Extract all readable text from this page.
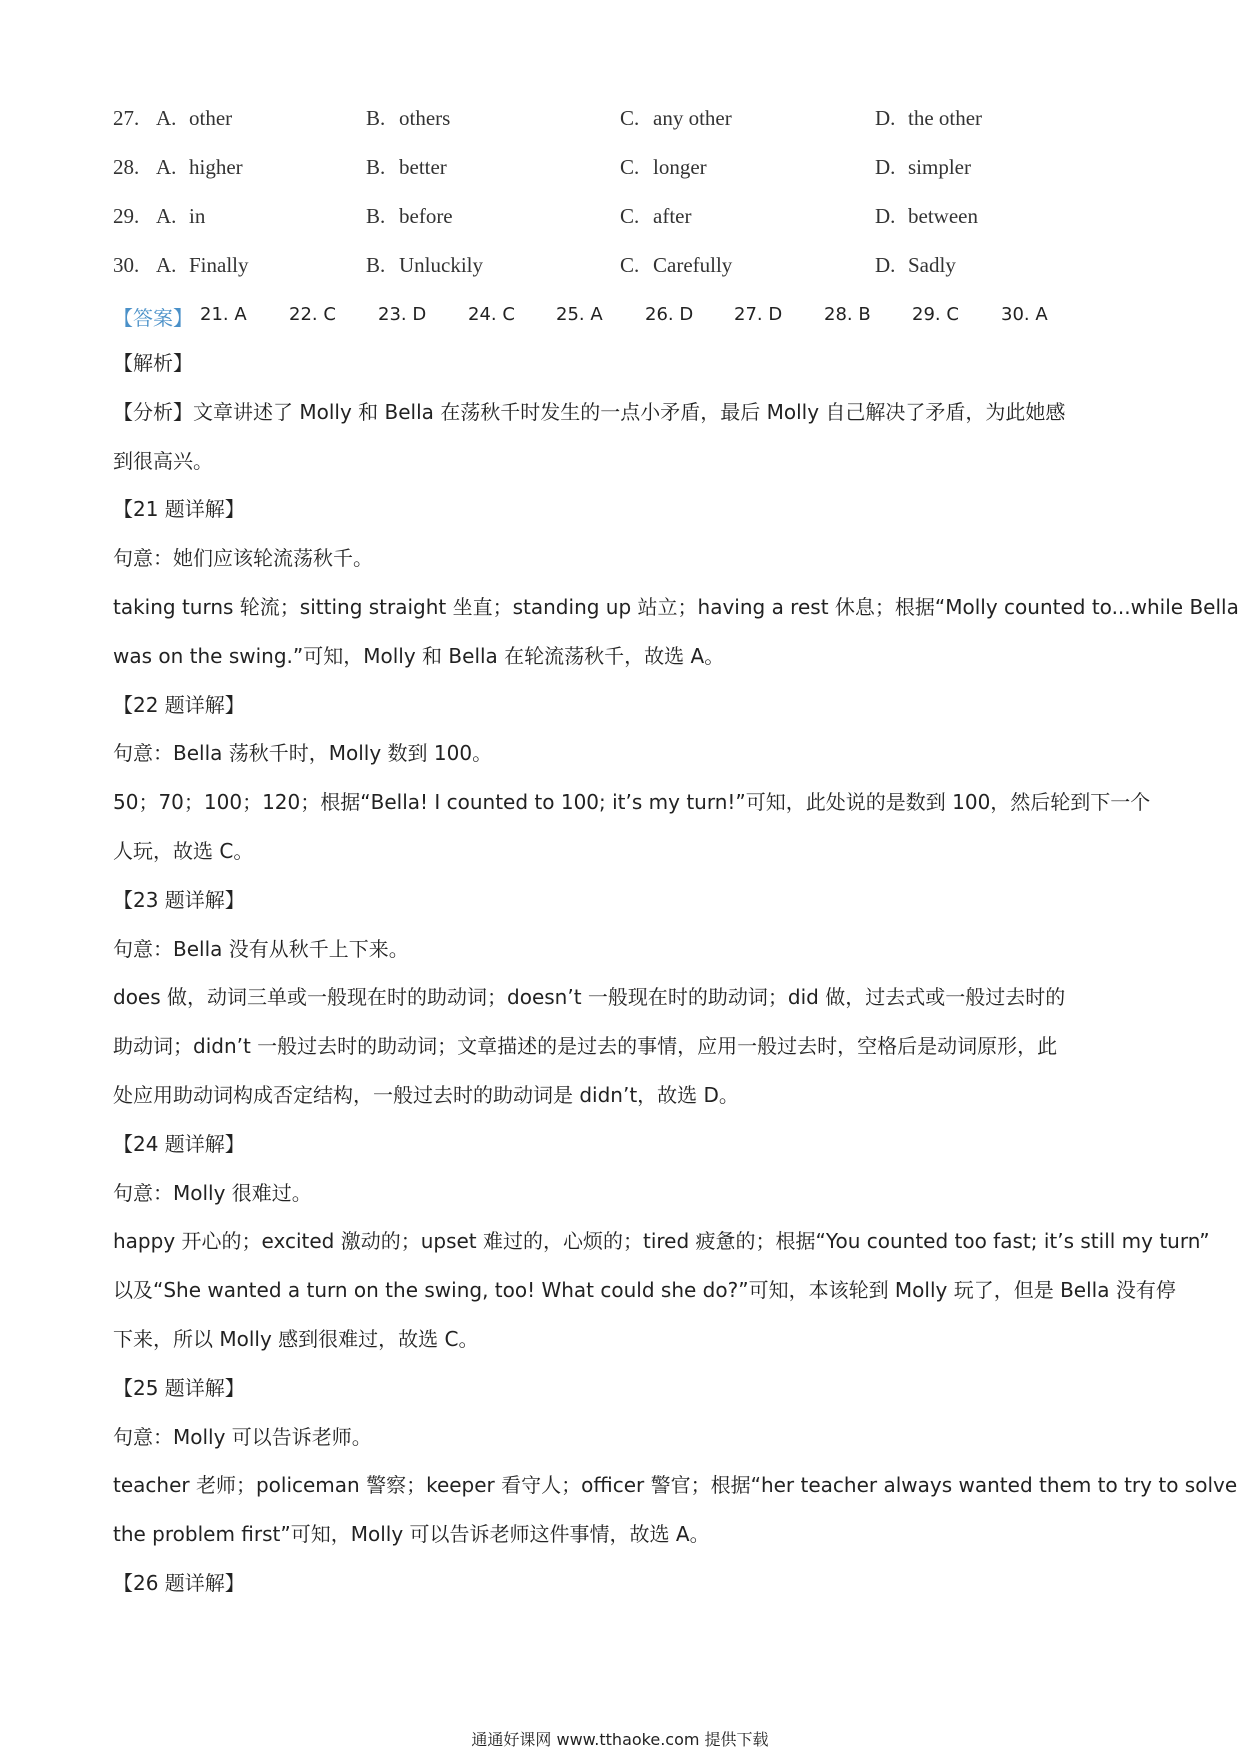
27. A. other	B. others	C. any other	D. the other
28. A. higher	B. better	C. longer	D. simpler
29. A. in	B. before	C. after	D. between
30. A. Finally	B. Unluckily	C. Carefully	D. Sadly
【答案】 21. A 22. C 23. D 24. C 25. A 26. D 27. D 28. B 29. C 30. A
【解析】
【分析】文章讲述了 Molly 和 Bella 在荡秋千时发生的一点小矛盾，最后 Molly 自己解决了矛盾，为此她感
到很高兴。
【21 题详解】
句意：她们应该轮流荡秋千。
taking turns 轮流；sitting straight 坐直；standing up 站立；having a rest 休息；根据“Molly counted to...while Bella
was on the swing.”可知，Molly 和 Bella 在轮流荡秋千，故选 A。
【22 题详解】
句意：Bella 荡秋千时，Molly 数到 100。
50；70；100；120；根据“Bella! I counted to 100; it’s my turn!”可知，此处说的是数到 100，然后轮到下一个
人玩，故选 C。
【23 题详解】
句意：Bella 没有从秋千上下来。
does 做，动词三单或一般现在时的助动词；doesn’t 一般现在时的助动词；did 做，过去式或一般过去时的
助动词；didn’t 一般过去时的助动词；文章描述的是过去的事情，应用一般过去时，空格后是动词原形，此
处应用助动词构成否定结构，一般过去时的助动词是 didn’t，故选 D。
【24 题详解】
句意：Molly 很难过。
happy 开心的；excited 激动的；upset 难过的，心烦的；tired 疲惫的；根据“You counted too fast; it’s still my turn”
以及“She wanted a turn on the swing, too! What could she do?”可知，本该轮到 Molly 玩了，但是 Bella 没有停
下来，所以 Molly 感到很难过，故选 C。
【25 题详解】
句意：Molly 可以告诉老师。
teacher 老师；policeman 警察；keeper 看守人；officer 警官；根据“her teacher always wanted them to try to solve
the problem first”可知，Molly 可以告诉老师这件事情，故选 A。
【26 题详解】
通通好课网 www.tthaoke.com 提供下载
